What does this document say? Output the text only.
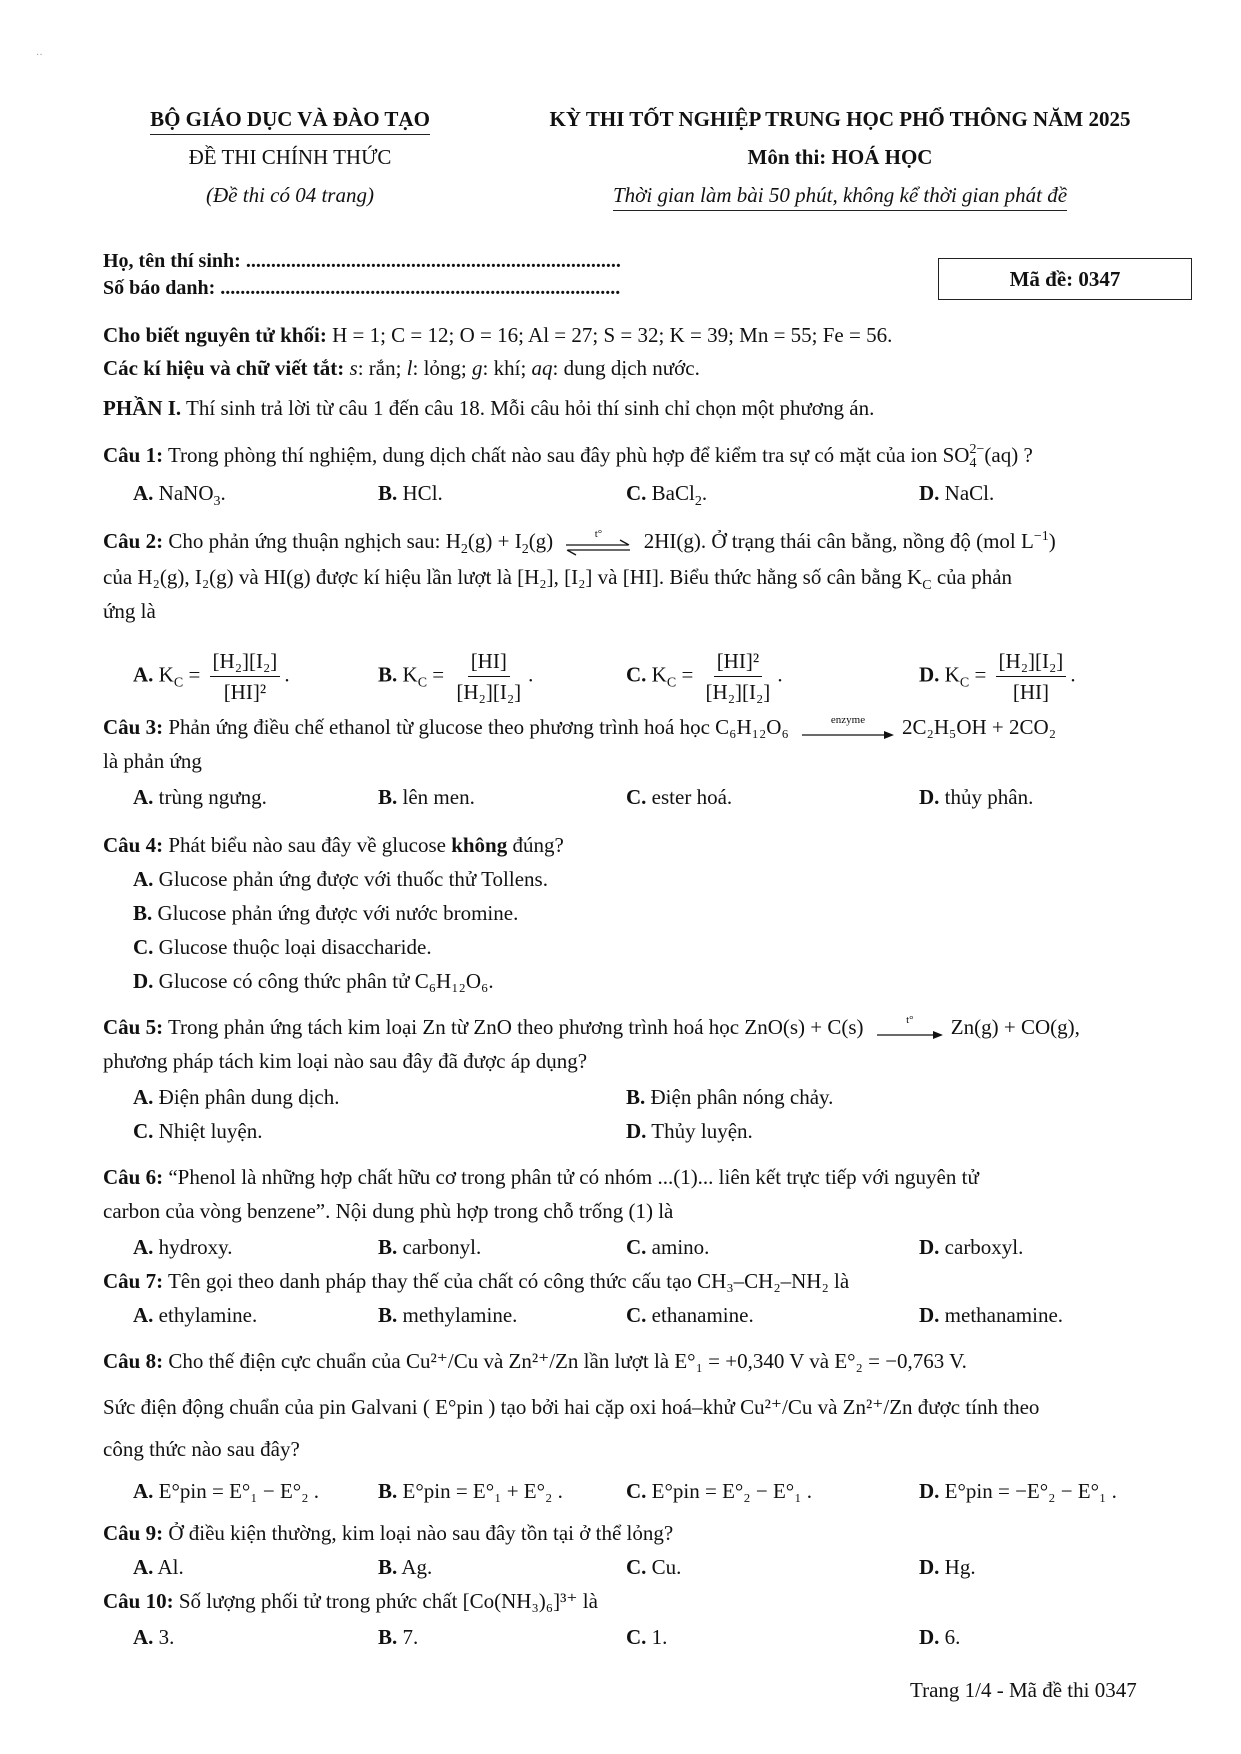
··
BỘ GIÁO DỤC VÀ ĐÀO TẠO
ĐỀ THI CHÍNH THỨC
(Đề thi có 04 trang)
KỲ THI TỐT NGHIỆP TRUNG HỌC PHỔ THÔNG NĂM 2025
Môn thi: HOÁ HỌC
Thời gian làm bài 50 phút, không kể thời gian phát đề
Họ, tên thí sinh: ...........................................................................
Số báo danh: ................................................................................	Mã đề: 0347
Cho biết nguyên tử khối: H = 1; C = 12; O = 16; Al = 27; S = 32; K = 39; Mn = 55; Fe = 56.
Các kí hiệu và chữ viết tắt: s: rắn; l: lỏng; g: khí; aq: dung dịch nước.
PHẦN I. Thí sinh trả lời từ câu 1 đến câu 18. Mỗi câu hỏi thí sinh chỉ chọn một phương án.
Câu 1: Trong phòng thí nghiệm, dung dịch chất nào sau đây phù hợp để kiểm tra sự có mặt của ion SO 2−
4 (aq) ?
A. NaNO$_3$.	B. HCl.	C. BaCl$_2$.	D. NaCl.
Câu 2: Cho phản ứng thuận nghịch sau: $H_2(g) + I_2(g)$	t°	2HI(g). Ở trạng thái cân bằng, nồng độ (mol $L^{-1}$)
của H₂(g), I₂(g) và HI(g) được kí hiệu lần lượt là [H₂], [I₂] và [HI]. Biểu thức hằng số cân bằng $K_C$ của phản
ứng là
A. $K_C = \frac{\text{[H₂][I₂]}}{\text{[HI]²}}$ .	B. $K_C = \frac{[HI]}{\text{[H₂][I₂]}}$ .	C. $K_C = \frac{\text{[HI]²}}{\text{[H₂][I₂]}}$ .	D. $K_C = \frac{\text{[H₂][I₂]}}{[HI]}$ .
Câu 3: Phản ứng điều chế ethanol từ glucose theo phương trình hoá học C₆H₁₂O₆	enzyme	2C₂H₅OH + 2CO₂
là phản ứng
A. trùng ngưng.	B. lên men.	C. ester hoá.	D. thủy phân.
Câu 4: Phát biểu nào sau đây về glucose không đúng?
A. Glucose phản ứng được với thuốc thử Tollens.
B. Glucose phản ứng được với nước bromine.
C. Glucose thuộc loại disaccharide.
D. Glucose có công thức phân tử C₆H₁₂O₆.
Câu 5: Trong phản ứng tách kim loại Zn từ ZnO theo phương trình hoá học ZnO(s) + C(s)	t°	Zn(g) + CO(g),
phương pháp tách kim loại nào sau đây đã được áp dụng?
A. Điện phân dung dịch.	B. Điện phân nóng chảy.
C. Nhiệt luyện.	D. Thủy luyện.
Câu 6: “Phenol là những hợp chất hữu cơ trong phân tử có nhóm ...(1)... liên kết trực tiếp với nguyên tử
carbon của vòng benzene”. Nội dung phù hợp trong chỗ trống (1) là
A. hydroxy.	B. carbonyl.	C. amino.	D. carboxyl.
Câu 7: Tên gọi theo danh pháp thay thế của chất có công thức cấu tạo CH₃–CH₂–NH₂ là
A. ethylamine.	B. methylamine.	C. ethanamine.	D. methanamine.
Câu 8: Cho thế điện cực chuẩn của Cu²⁺/Cu và Zn²⁺/Zn lần lượt là E°₁ = +0,340 V và E°₂ = −0,763 V.
Sức điện động chuẩn của pin Galvani ( E°pin ) tạo bởi hai cặp oxi hoá–khử Cu²⁺/Cu và Zn²⁺/Zn được tính theo
công thức nào sau đây?
A. E°pin = E°₁ − E°₂ .	B. E°pin = E°₁ + E°₂ .	C. E°pin = E°₂ − E°₁ .	D. E°pin = −E°₂ − E°₁ .
Câu 9: Ở điều kiện thường, kim loại nào sau đây tồn tại ở thể lỏng?
A. Al.	B. Ag.	C. Cu.	D. Hg.
Câu 10: Số lượng phối tử trong phức chất [Co(NH₃)₆]³⁺ là
A. 3.	B. 7.	C. 1.	D. 6.
Trang 1/4 - Mã đề thi 0347
